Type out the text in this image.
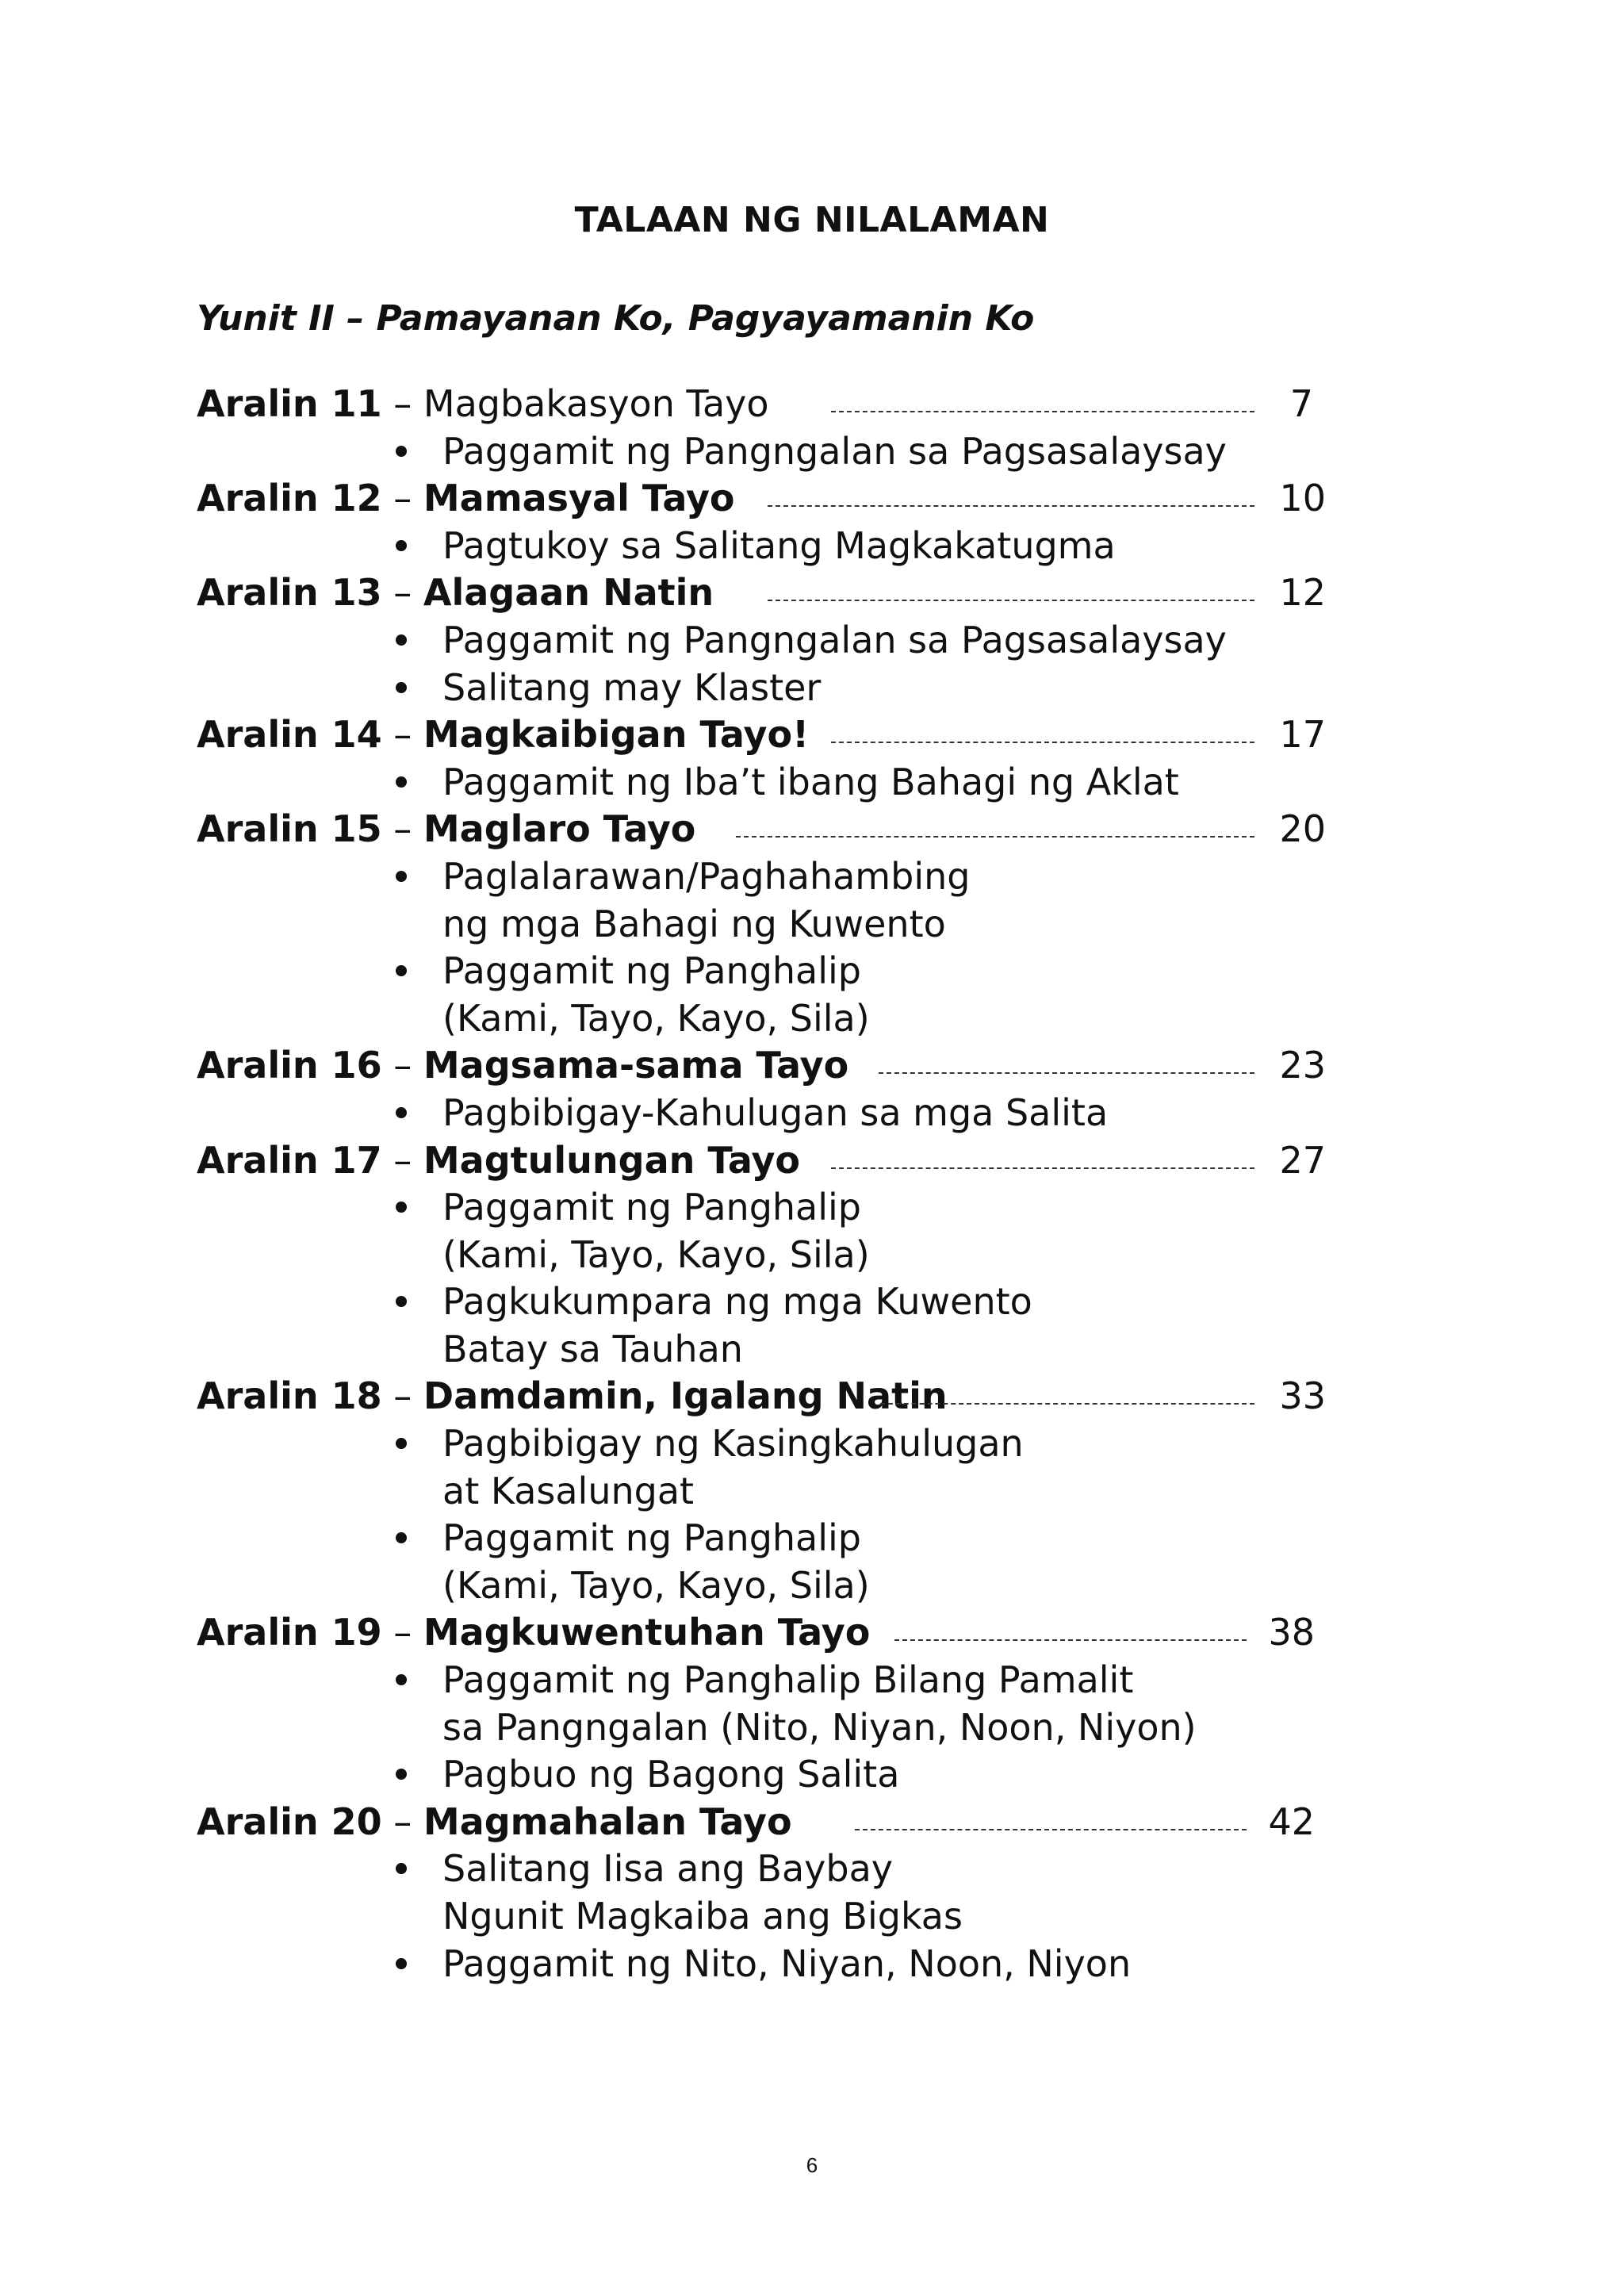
TALAAN NG NILALAMAN
Yunit II – Pamayanan Ko, Pagyayamanin Ko
Aralin 11 – Magbakasyon Tayo	7
Paggamit ng Pangngalan sa Pagsasalaysay
Aralin 12 – Mamasyal Tayo	10
Pagtukoy sa Salitang Magkakatugma
Aralin 13 – Alagaan Natin	12
Paggamit ng Pangngalan sa Pagsasalaysay
Salitang may Klaster
Aralin 14 – Magkaibigan Tayo!	17
Paggamit ng Iba’t ibang Bahagi ng Aklat
Aralin 15 – Maglaro Tayo	20
Paglalarawan/Paghahambing
ng mga Bahagi ng Kuwento
Paggamit ng Panghalip
(Kami, Tayo, Kayo, Sila)
Aralin 16 – Magsama-sama Tayo	23
Pagbibigay-Kahulugan sa mga Salita
Aralin 17 – Magtulungan Tayo	27
Paggamit ng Panghalip
(Kami, Tayo, Kayo, Sila)
Pagkukumpara ng mga Kuwento
Batay sa Tauhan
Aralin 18 – Damdamin, Igalang Natin	33
Pagbibigay ng Kasingkahulugan
at Kasalungat
Paggamit ng Panghalip
(Kami, Tayo, Kayo, Sila)
Aralin 19 – Magkuwentuhan Tayo	38
Paggamit ng Panghalip Bilang Pamalit
sa Pangngalan (Nito, Niyan, Noon, Niyon)
Pagbuo ng Bagong Salita
Aralin 20 – Magmahalan Tayo	42
Salitang Iisa ang Baybay
Ngunit Magkaiba ang Bigkas
Paggamit ng Nito, Niyan, Noon, Niyon
6
